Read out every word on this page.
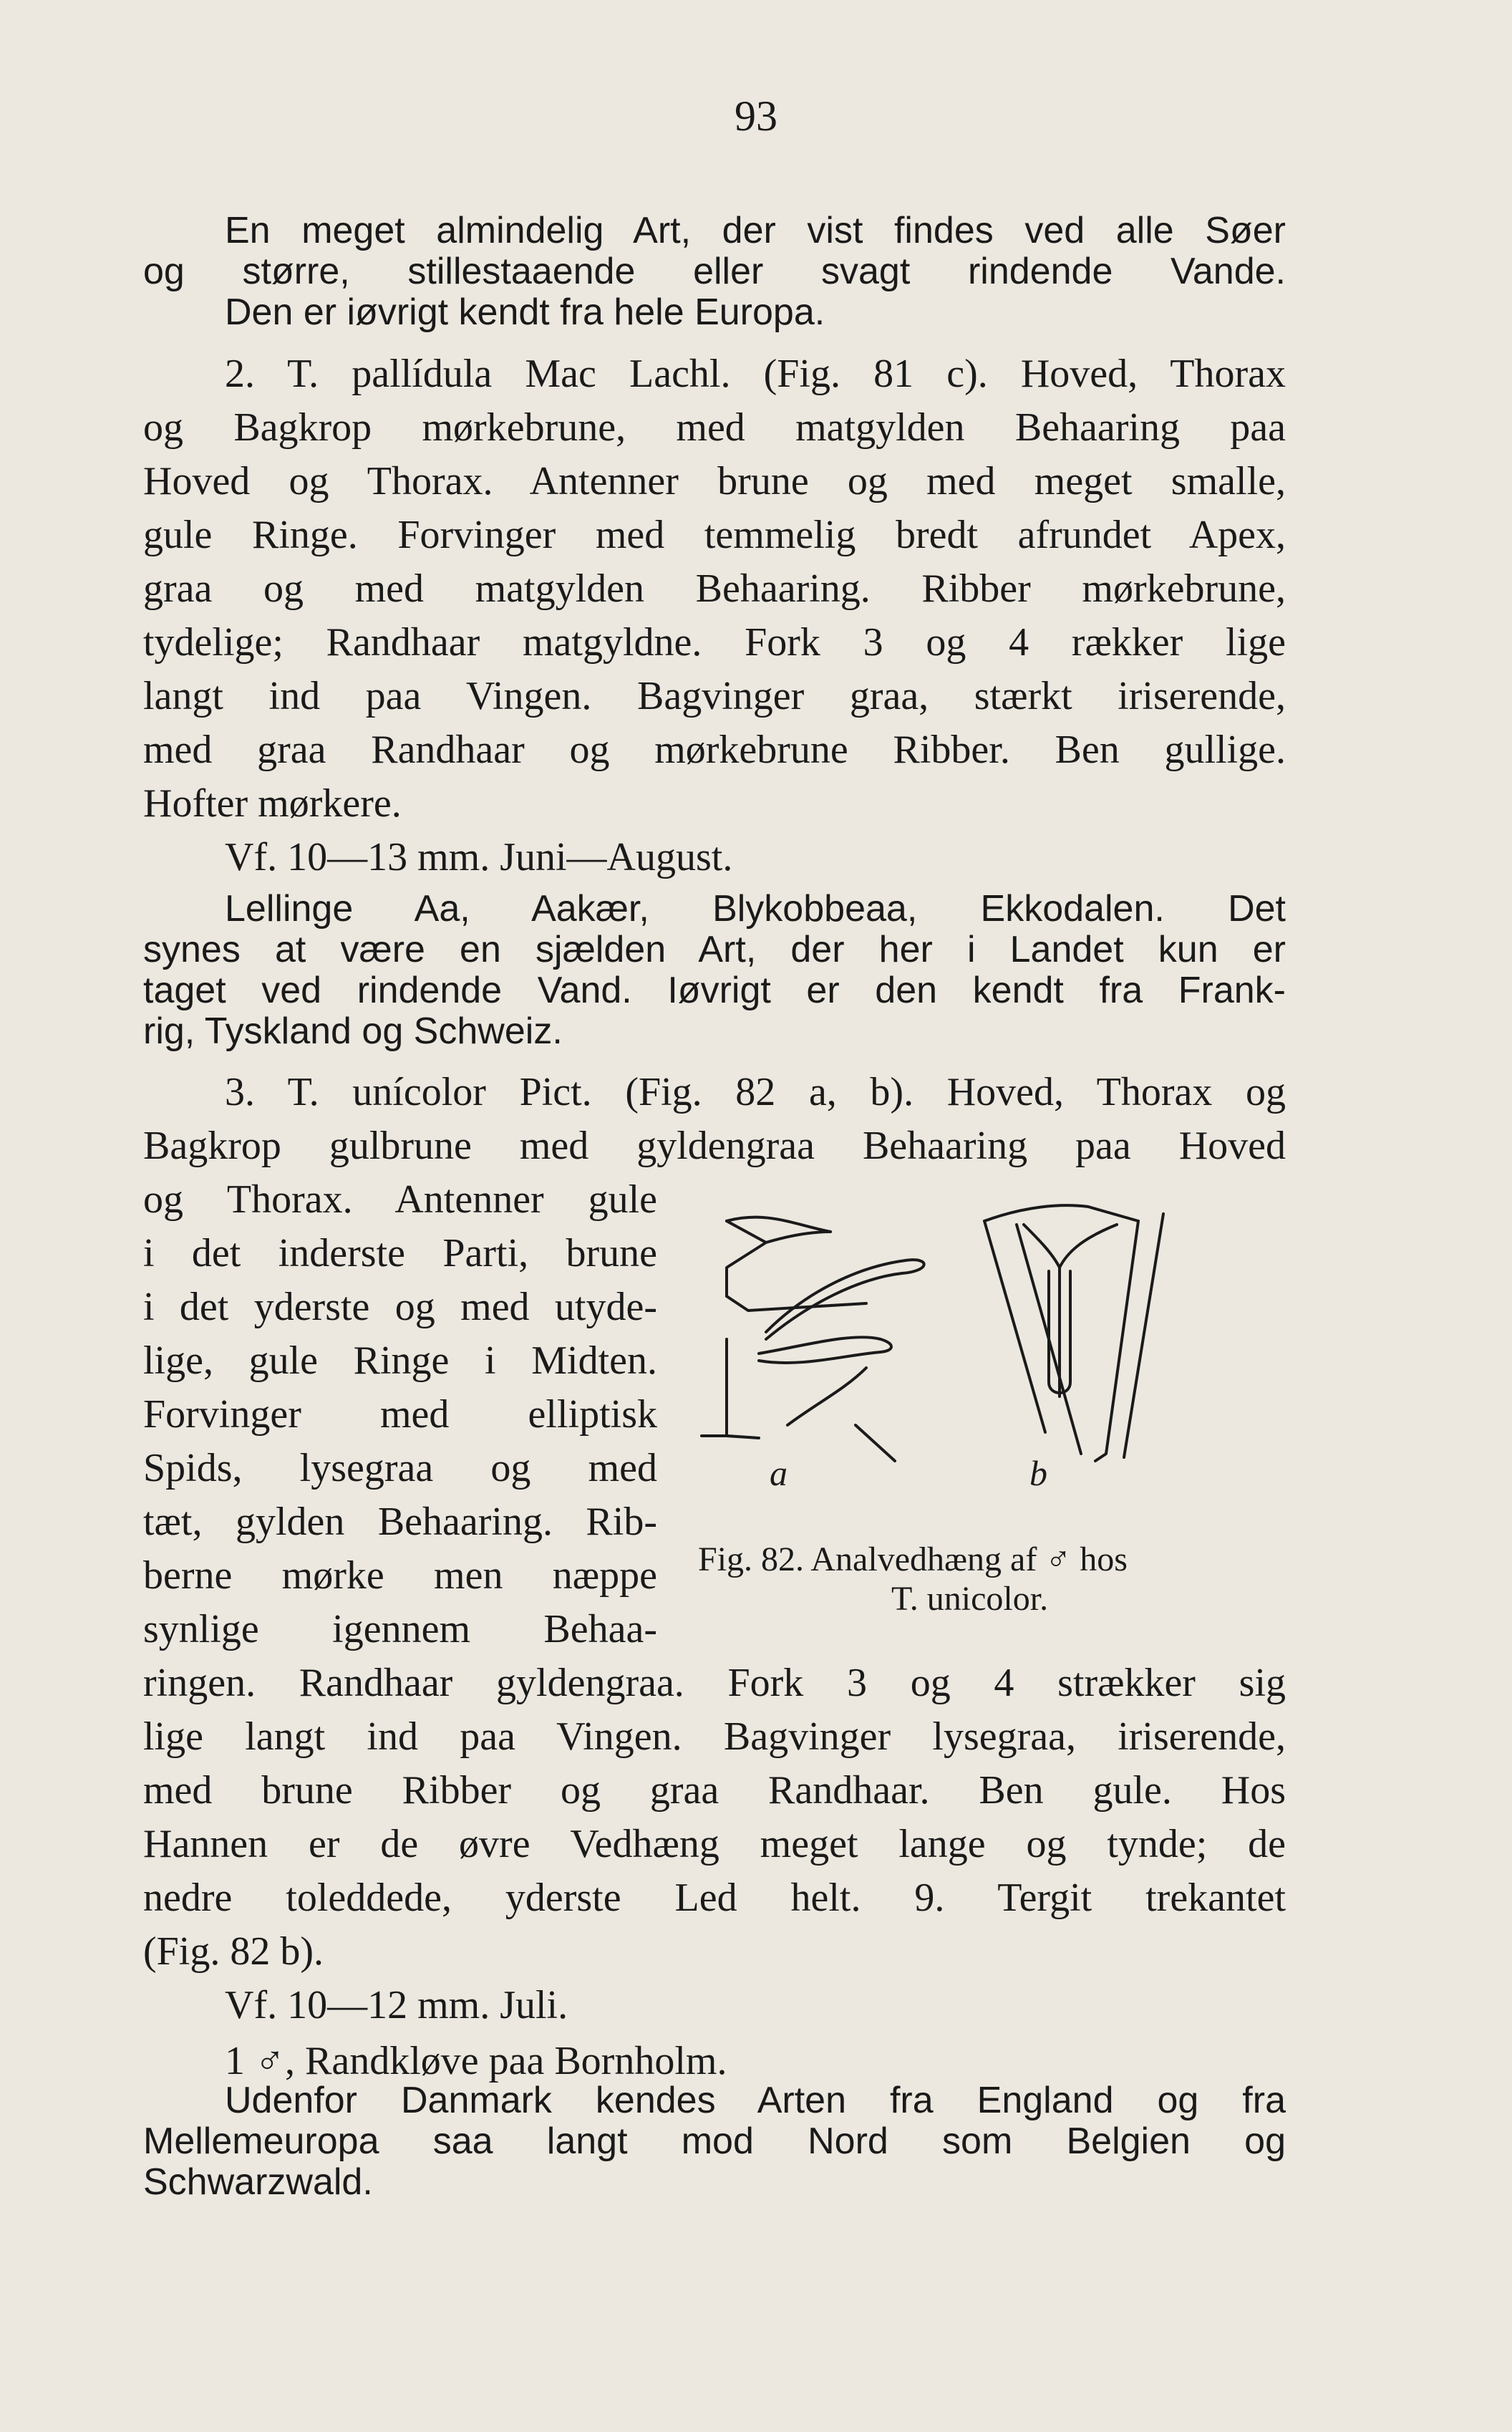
93
En meget almindelig Art, der vist findes ved alle Søer
og større, stillestaaende eller svagt rindende Vande.
Den er iøvrigt kendt fra hele Europa.
2. T. pallídula Mac Lachl. (Fig. 81 c). Hoved, Thorax
og Bagkrop mørkebrune, med matgylden Behaaring paa
Hoved og Thorax. Antenner brune og med meget smalle,
gule Ringe. Forvinger med temmelig bredt afrundet Apex,
graa og med matgylden Behaaring. Ribber mørkebrune,
tydelige; Randhaar matgyldne. Fork 3 og 4 rækker lige
langt ind paa Vingen. Bagvinger graa, stærkt iriserende,
med graa Randhaar og mørkebrune Ribber. Ben gullige.
Hofter mørkere.
Vf. 10—13 mm. Juni—August.
Lellinge Aa, Aakær, Blykobbeaa, Ekkodalen. Det
synes at være en sjælden Art, der her i Landet kun er
taget ved rindende Vand. Iøvrigt er den kendt fra Frank-
rig, Tyskland og Schweiz.
3. T. unícolor Pict. (Fig. 82 a, b). Hoved, Thorax og
Bagkrop gulbrune med gyldengraa Behaaring paa Hoved
og Thorax. Antenner gule
i det inderste Parti, brune
i det yderste og med utyde-
lige, gule Ringe i Midten.
Forvinger med elliptisk
Spids, lysegraa og med
tæt, gylden Behaaring. Rib-
berne mørke men næppe
synlige igennem Behaa-
a	b
Fig. 82. Analvedhæng af ♂ hos
T. unicolor.
ringen. Randhaar gyldengraa. Fork 3 og 4 strækker sig
lige langt ind paa Vingen. Bagvinger lysegraa, iriserende,
med brune Ribber og graa Randhaar. Ben gule. Hos
Hannen er de øvre Vedhæng meget lange og tynde; de
nedre toleddede, yderste Led helt. 9. Tergit trekantet
(Fig. 82 b).
Vf. 10—12 mm. Juli.
1 ♂, Randkløve paa Bornholm.
Udenfor Danmark kendes Arten fra England og fra
Mellemeuropa saa langt mod Nord som Belgien og
Schwarzwald.
